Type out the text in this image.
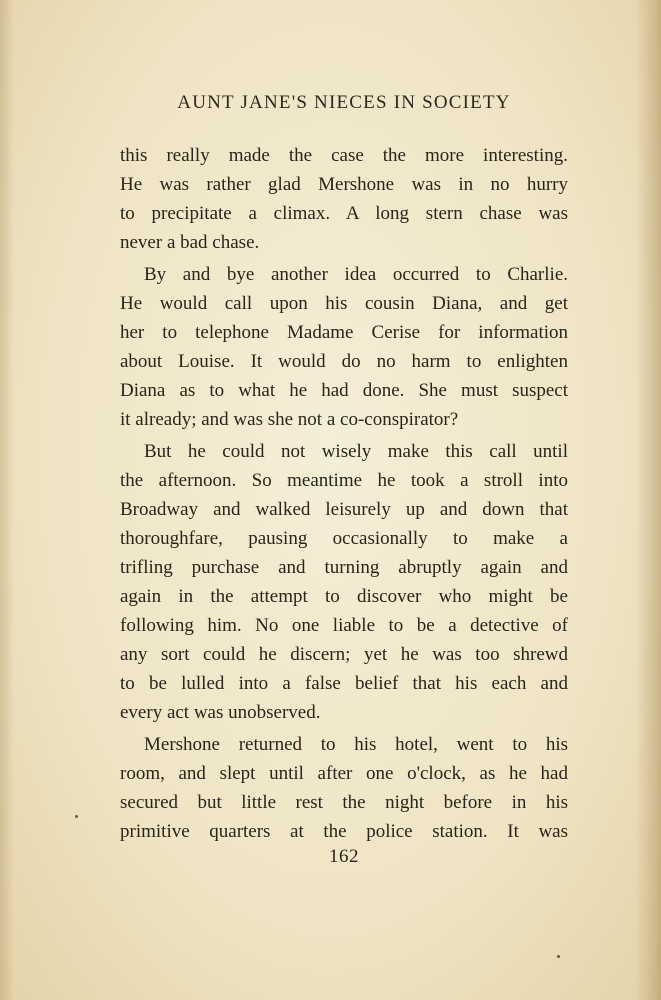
AUNT JANE'S NIECES IN SOCIETY
this really made the case the more interesting.
He was rather glad Mershone was in no hurry
to precipitate a climax. A long stern chase was
never a bad chase.
By and bye another idea occurred to Charlie.
He would call upon his cousin Diana, and get
her to telephone Madame Cerise for information
about Louise. It would do no harm to enlighten
Diana as to what he had done. She must suspect
it already; and was she not a co-conspirator?
But he could not wisely make this call until
the afternoon. So meantime he took a stroll into
Broadway and walked leisurely up and down that
thoroughfare, pausing occasionally to make a
trifling purchase and turning abruptly again and
again in the attempt to discover who might be
following him. No one liable to be a detective of
any sort could he discern; yet he was too shrewd
to be lulled into a false belief that his each and
every act was unobserved.
Mershone returned to his hotel, went to his
room, and slept until after one o'clock, as he had
secured but little rest the night before in his
primitive quarters at the police station. It was
162
